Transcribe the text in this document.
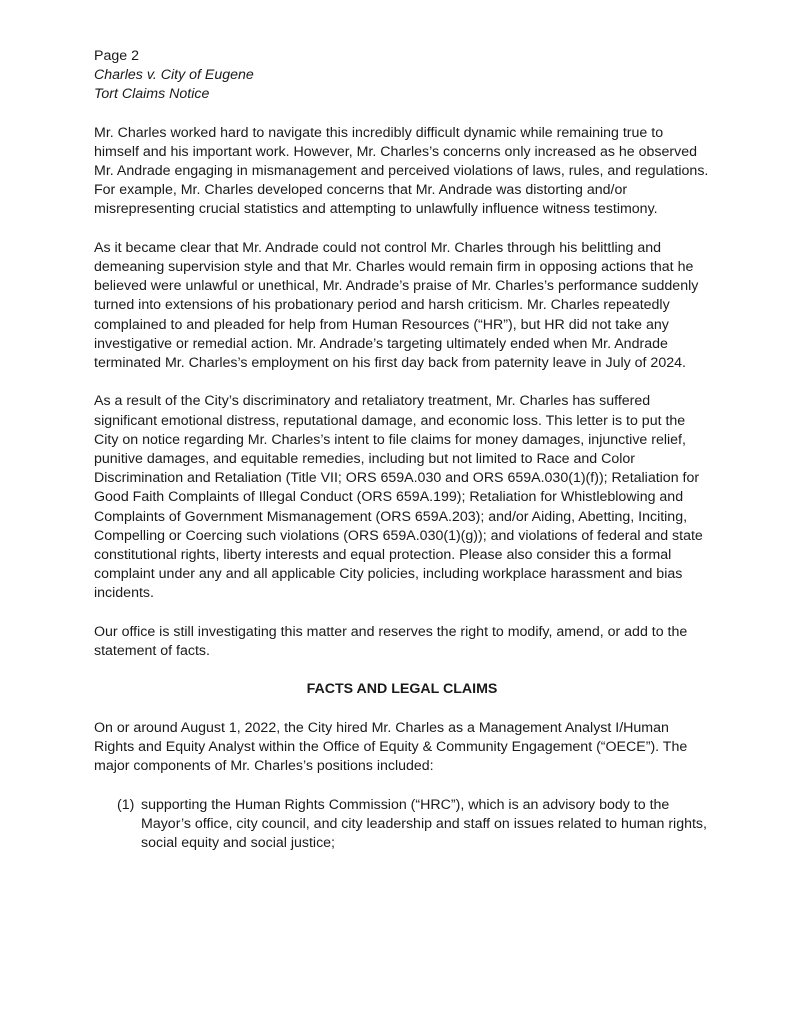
Page 2
Charles v. City of Eugene
Tort Claims Notice

Mr. Charles worked hard to navigate this incredibly difficult dynamic while remaining true to himself and his important work. However, Mr. Charles’s concerns only increased as he observed Mr. Andrade engaging in mismanagement and perceived violations of laws, rules, and regulations. For example, Mr. Charles developed concerns that Mr. Andrade was distorting and/or misrepresenting crucial statistics and attempting to unlawfully influence witness testimony.

As it became clear that Mr. Andrade could not control Mr. Charles through his belittling and demeaning supervision style and that Mr. Charles would remain firm in opposing actions that he believed were unlawful or unethical, Mr. Andrade’s praise of Mr. Charles’s performance suddenly turned into extensions of his probationary period and harsh criticism. Mr. Charles repeatedly complained to and pleaded for help from Human Resources (“HR”), but HR did not take any investigative or remedial action. Mr. Andrade’s targeting ultimately ended when Mr. Andrade terminated Mr. Charles’s employment on his first day back from paternity leave in July of 2024.

As a result of the City’s discriminatory and retaliatory treatment, Mr. Charles has suffered significant emotional distress, reputational damage, and economic loss. This letter is to put the City on notice regarding Mr. Charles’s intent to file claims for money damages, injunctive relief, punitive damages, and equitable remedies, including but not limited to Race and Color Discrimination and Retaliation (Title VII; ORS 659A.030 and ORS 659A.030(1)(f)); Retaliation for Good Faith Complaints of Illegal Conduct (ORS 659A.199); Retaliation for Whistleblowing and Complaints of Government Mismanagement (ORS 659A.203); and/or Aiding, Abetting, Inciting, Compelling or Coercing such violations (ORS 659A.030(1)(g)); and violations of federal and state constitutional rights, liberty interests and equal protection. Please also consider this a formal complaint under any and all applicable City policies, including workplace harassment and bias incidents.

Our office is still investigating this matter and reserves the right to modify, amend, or add to the statement of facts.

FACTS AND LEGAL CLAIMS

On or around August 1, 2022, the City hired Mr. Charles as a Management Analyst I/Human Rights and Equity Analyst within the Office of Equity & Community Engagement (“OECE”). The major components of Mr. Charles’s positions included:

(1) supporting the Human Rights Commission (“HRC”), which is an advisory body to the Mayor’s office, city council, and city leadership and staff on issues related to human rights, social equity and social justice;
